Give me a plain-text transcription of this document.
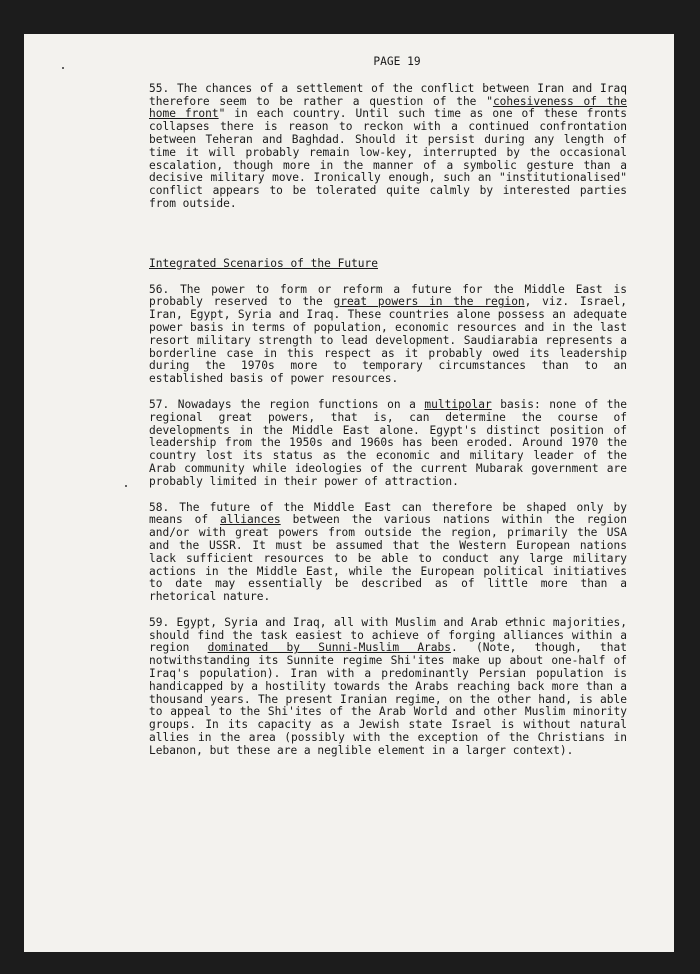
PAGE 19

55. The chances of a settlement of the conflict between Iran and Iraq therefore seem to be rather a question of the "cohesiveness of the home front" in each country. Until such time as one of these fronts collapses there is reason to reckon with a continued confrontation between Teheran and Baghdad. Should it persist during any length of time it will probably remain low-key, interrupted by the occasional escalation, though more in the manner of a symbolic gesture than a decisive military move. Ironically enough, such an "institutionalised" conflict appears to be tolerated quite calmly by interested parties from outside.

Integrated Scenarios of the Future

56. The power to form or reform a future for the Middle East is probably reserved to the great powers in the region, viz. Israel, Iran, Egypt, Syria and Iraq. These countries alone possess an adequate power basis in terms of population, economic resources and in the last resort military strength to lead development. Saudiarabia represents a borderline case in this respect as it probably owed its leadership during the 1970s more to temporary circumstances than to an established basis of power resources.

57. Nowadays the region functions on a multipolar basis: none of the regional great powers, that is, can determine the course of developments in the Middle East alone. Egypt's distinct position of leadership from the 1950s and 1960s has been eroded. Around 1970 the country lost its status as the economic and military leader of the Arab community while ideologies of the current Mubarak government are probably limited in their power of attraction.

58. The future of the Middle East can therefore be shaped only by means of alliances between the various nations within the region and/or with great powers from outside the region, primarily the USA and the USSR. It must be assumed that the Western European nations lack sufficient resources to be able to conduct any large military actions in the Middle East, while the European political initiatives to date may essentially be described as of little more than a rhetorical nature.

59. Egypt, Syria and Iraq, all with Muslim and Arab ethnic majorities, should find the task easiest to achieve of forging alliances within a region dominated by Sunni-Muslim Arabs. (Note, though, that notwithstanding its Sunnite regime Shi'ites make up about one-half of Iraq's population). Iran with a predominantly Persian population is handicapped by a hostility towards the Arabs reaching back more than a thousand years. The present Iranian regime, on the other hand, is able to appeal to the Shi'ites of the Arab World and other Muslim minority groups. In its capacity as a Jewish state Israel is without natural allies in the area (possibly with the exception of the Christians in Lebanon, but these are a neglible element in a larger context).
